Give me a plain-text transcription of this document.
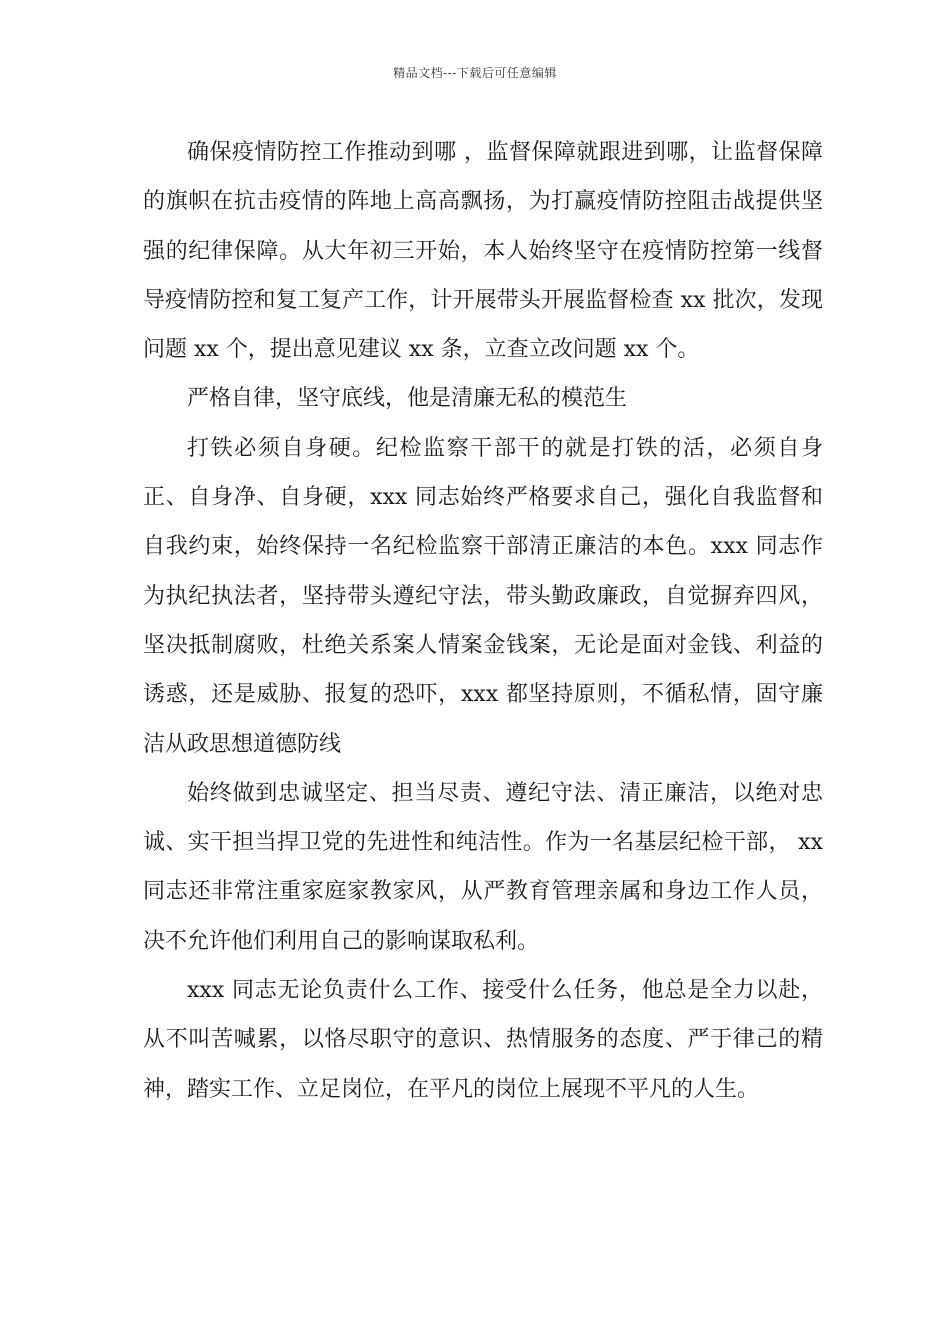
精品文档---下载后可任意编辑

确保疫情防控工作推动到哪 ，监督保障就跟进到哪，让监督保障的旗帜在抗击疫情的阵地上高高飘扬，为打赢疫情防控阻击战提供坚强的纪律保障。从大年初三开始，本人始终坚守在疫情防控第一线督导疫情防控和复工复产工作，计开展带头开展监督检查 xx 批次，发现问题 xx 个，提出意见建议 xx 条，立查立改问题 xx 个。

严格自律，坚守底线，他是清廉无私的模范生

打铁必须自身硬。纪检监察干部干的就是打铁的活，必须自身正、自身净、自身硬，xxx 同志始终严格要求自己，强化自我监督和自我约束，始终保持一名纪检监察干部清正廉洁的本色。xxx 同志作为执纪执法者，坚持带头遵纪守法，带头勤政廉政，自觉摒弃四风，坚决抵制腐败，杜绝关系案人情案金钱案，无论是面对金钱、利益的诱惑，还是威胁、报复的恐吓，xxx 都坚持原则，不循私情，固守廉洁从政思想道德防线

始终做到忠诚坚定、担当尽责、遵纪守法、清正廉洁，以绝对忠诚、实干担当捍卫党的先进性和纯洁性。作为一名基层纪检干部， xx 同志还非常注重家庭家教家风，从严教育管理亲属和身边工作人员，决不允许他们利用自己的影响谋取私利。

xxx 同志无论负责什么工作、接受什么任务，他总是全力以赴，从不叫苦喊累，以恪尽职守的意识、热情服务的态度、严于律己的精神，踏实工作、立足岗位，在平凡的岗位上展现不平凡的人生。
